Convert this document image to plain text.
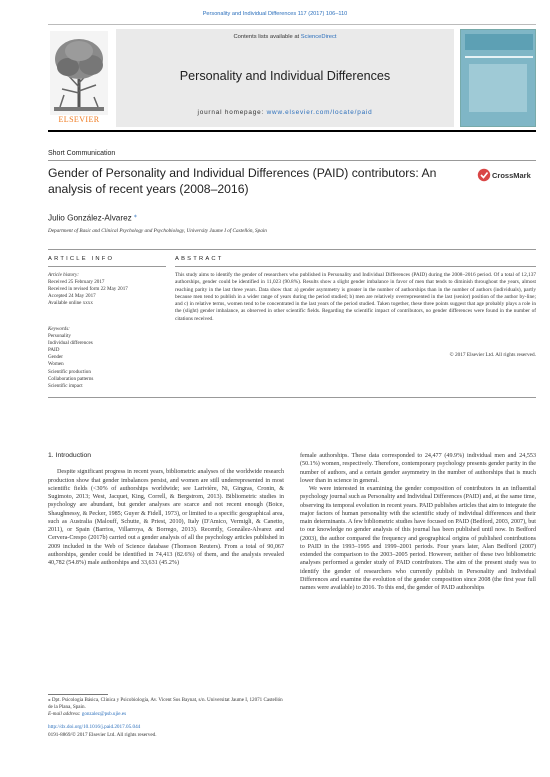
Personality and Individual Differences 117 (2017) 106–110
ELSEVIER
Contents lists available at ScienceDirect
Personality and Individual Differences
journal homepage: www.elsevier.com/locate/paid
Short Communication
Gender of Personality and Individual Differences (PAID) contributors: An analysis of recent years (2008–2016)
CrossMark
Julio González-Alvarez ⁎
Department of Basic and Clinical Psychology and Psychobiology, University Jaume I of Castellón, Spain
ARTICLE INFO	ABSTRACT
Article history:
Received 25 February 2017
Received in revised form 22 May 2017
Accepted 24 May 2017
Available online xxxx
Keywords:
Personality
Individual differences
PAID
Gender
Women
Scientific production
Collaboration patterns
Scientific impact
This study aims to identify the gender of researchers who published in Personality and Individual Differences (PAID) during the 2008–2016 period. Of a total of 12,137 authorships, gender could be identified in 11,023 (90.8%). Results show a slight gender imbalance in favor of men that tends to diminish throughout the years, almost reaching parity in the last three years. Data show that: a) gender asymmetry is greater in the number of authorships than in the number of authors (individuals), partly because men tend to publish in a wider range of years during the period studied; b) men are relatively overrepresented in the last (senior) position of the author by-line; and c) in relative terms, women tend to be concentrated in the last years of the period studied. Taken together, these three points suggest that age probably plays a role in the (slight) gender imbalance, as observed in other scientific fields. Regarding the scientific impact of contributors, no gender differences were found in the number of citations received.
© 2017 Elsevier Ltd. All rights reserved.
1. Introduction
Despite significant progress in recent years, bibliometric analyses of the worldwide research production show that gender imbalances persist, and women are still underrepresented in most scientific fields (<30% of authorships worldwide; see Larivière, Ni, Gingras, Cronin, & Sugimoto, 2013; West, Jacquet, King, Correll, & Bergstrom, 2013). Bibliometric studies in psychology are abundant, but gender analyses are scarce and not recent enough (Boice, Shaughnessy, & Pecker, 1985; Guyer & Fidell, 1973), or limited to a specific geographical area, such as Australia (Malouff, Schutte, & Priest, 2010), Italy (D'Amico, Vermigli, & Canetto, 2011), or Spain (Barrios, Villarroya, & Borrego, 2013). Recently, González-Alvarez and Cervera-Crespo (2017b) carried out a gender analysis of all the psychology articles published in 2009 included in the Web of Science database (Thomson Reuters). From a total of 90,067 authorships, gender could be identified in 74,413 (82.6%) of them, and the analysis revealed 40,782 (54.8%) male authorships and 33,631 (45.2%)
female authorships. These data corresponded to 24,477 (49.9%) individual men and 24,553 (50.1%) women, respectively. Therefore, contemporary psychology presents gender parity in the number of authors, and a certain gender asymmetry in the number of authorships that is much lower than in science in general.
We were interested in examining the gender composition of contributors in an influential psychology journal such as Personality and Individual Differences (PAID) and, at the same time, observing its temporal evolution in recent years. PAID publishes articles that aim to integrate the major factors of human personality with the scientific study of individual differences and their main determinants. A few bibliometric studies have focused on PAID (Bedford, 2003, 2007), but to our knowledge no gender analysis of this journal has been published until now. In Bedford (2003), the author compared the frequency and geographical origins of published contributions to PAID in the 1993–1995 and 1999–2001 periods. Four years later, Alan Bedford (2007) extended the comparison to the 2003–2005 period. However, neither of these two bibliometric analyses performed a gender study of PAID contributors. The aim of the present study was to identify the gender of researchers who currently publish in Personality and Individual Differences and examine the evolution of the gender composition since 2008 (the first year full names were available) to 2016. To this end, the gender of PAID authorships
⁎ Dpt. Psicología Básica, Clínica y Psicobiología, Av. Vicent Sos Baynat, s/n. Universitat Jaume I, 12071 Castellón de la Plana, Spain.
E-mail address: gonzalez@psb.ujie.es
http://dx.doi.org/10.1016/j.paid.2017.05.044
0191-8869/© 2017 Elsevier Ltd. All rights reserved.
